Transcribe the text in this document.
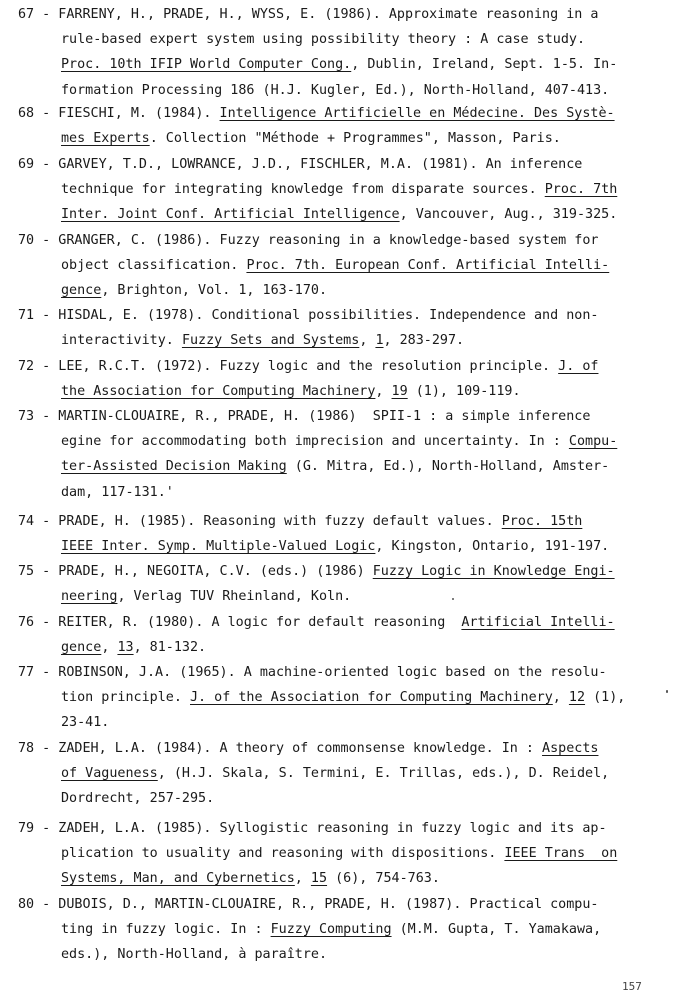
67 - FARRENY, H., PRADE, H., WYSS, E. (1986). Approximate reasoning in a
rule-based expert system using possibility theory : A case study.
Proc. 10th IFIP World Computer Cong., Dublin, Ireland, Sept. 1-5. In-
formation Processing 186 (H.J. Kugler, Ed.), North-Holland, 407-413.
68 - FIESCHI, M. (1984). Intelligence Artificielle en Médecine. Des Systè-
mes Experts. Collection "Méthode + Programmes", Masson, Paris.
69 - GARVEY, T.D., LOWRANCE, J.D., FISCHLER, M.A. (1981). An inference
technique for integrating knowledge from disparate sources. Proc. 7th
Inter. Joint Conf. Artificial Intelligence, Vancouver, Aug., 319-325.
70 - GRANGER, C. (1986). Fuzzy reasoning in a knowledge-based system for
object classification. Proc. 7th. European Conf. Artificial Intelli-
gence, Brighton, Vol. 1, 163-170.
71 - HISDAL, E. (1978). Conditional possibilities. Independence and non-
interactivity. Fuzzy Sets and Systems, 1, 283-297.
72 - LEE, R.C.T. (1972). Fuzzy logic and the resolution principle. J. of
the Association for Computing Machinery, 19 (1), 109-119.
73 - MARTIN-CLOUAIRE, R., PRADE, H. (1986)  SPII-1 : a simple inference
egine for accommodating both imprecision and uncertainty. In : Compu-
ter-Assisted Decision Making (G. Mitra, Ed.), North-Holland, Amster-
dam, 117-131.'
74 - PRADE, H. (1985). Reasoning with fuzzy default values. Proc. 15th
IEEE Inter. Symp. Multiple-Valued Logic, Kingston, Ontario, 191-197.
75 - PRADE, H., NEGOITA, C.V. (eds.) (1986) Fuzzy Logic in Knowledge Engi-
neering, Verlag TUV Rheinland, Koln.
76 - REITER, R. (1980). A logic for default reasoning  Artificial Intelli-
gence, 13, 81-132.
77 - ROBINSON, J.A. (1965). A machine-oriented logic based on the resolu-
tion principle. J. of the Association for Computing Machinery, 12 (1),
23-41.
78 - ZADEH, L.A. (1984). A theory of commonsense knowledge. In : Aspects
of Vagueness, (H.J. Skala, S. Termini, E. Trillas, eds.), D. Reidel,
Dordrecht, 257-295.
79 - ZADEH, L.A. (1985). Syllogistic reasoning in fuzzy logic and its ap-
plication to usuality and reasoning with dispositions. IEEE Trans  on
Systems, Man, and Cybernetics, 15 (6), 754-763.
80 - DUBOIS, D., MARTIN-CLOUAIRE, R., PRADE, H. (1987). Practical compu-
ting in fuzzy logic. In : Fuzzy Computing (M.M. Gupta, T. Yamakawa,
eds.), North-Holland, à paraître.
157
